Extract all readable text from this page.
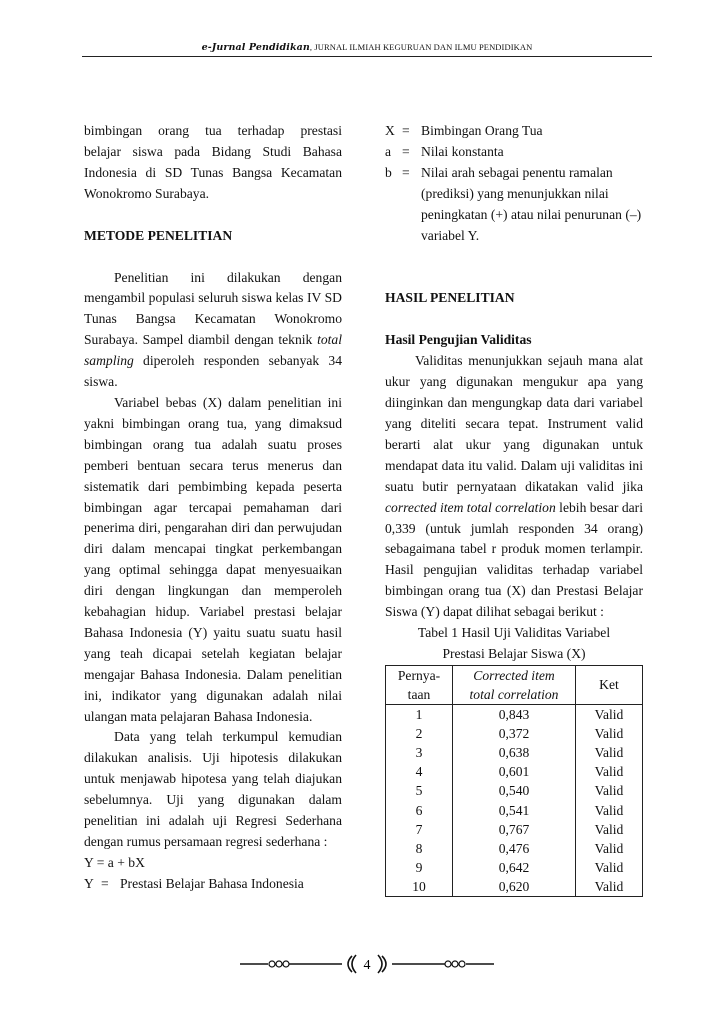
e-Jurnal Pendidikan, JURNAL ILMIAH KEGURUAN DAN ILMU PENDIDIKAN

bimbingan orang tua terhadap prestasi

belajar siswa pada Bidang Studi Bahasa

Indonesia di SD Tunas Bangsa Kecamatan

Wonokromo Surabaya.

METODE PENELITIAN

Penelitian ini dilakukan dengan mengambil populasi seluruh siswa kelas IV SD Tunas Bangsa Kecamatan Wonokromo Surabaya. Sampel diambil dengan teknik total sampling diperoleh responden sebanyak 34 siswa.

Variabel bebas (X) dalam penelitian ini yakni bimbingan orang tua, yang dimaksud bimbingan orang tua adalah suatu proses pemberi bentuan secara terus menerus dan sistematik dari pembimbing kepada peserta bimbingan agar tercapai pemahaman dari penerima diri, pengarahan diri dan perwujudan diri dalam mencapai tingkat perkembangan yang optimal sehingga dapat menyesuaikan diri dengan lingkungan dan memperoleh kebahagian hidup. Variabel prestasi belajar Bahasa Indonesia (Y) yaitu suatu suatu hasil yang teah dicapai setelah kegiatan belajar mengajar Bahasa Indonesia. Dalam penelitian ini, indikator yang digunakan adalah nilai ulangan mata pelajaran Bahasa Indonesia.

Data yang telah terkumpul kemudian dilakukan analisis. Uji hipotesis dilakukan untuk menjawab hipotesa yang telah diajukan sebelumnya. Uji yang digunakan dalam penelitian ini adalah uji Regresi Sederhana dengan rumus persamaan regresi sederhana :

Y = a + bX

Y = Prestasi Belajar Bahasa Indonesia
X = Bimbingan Orang Tua
a = Nilai konstanta
b = Nilai arah sebagai penentu ramalan (prediksi) yang menunjukkan nilai peningkatan (+) atau nilai penurunan (–) variabel Y.
HASIL PENELITIAN
Hasil Pengujian Validitas

Validitas menunjukkan sejauh mana alat ukur yang digunakan mengukur apa yang diinginkan dan mengungkap data dari variabel yang diteliti secara tepat. Instrument valid berarti alat ukur yang digunakan untuk mendapat data itu valid. Dalam uji validitas ini suatu butir pernyataan dikatakan valid jika corrected item total correlation lebih besar dari 0,339 (untuk jumlah responden 34 orang) sebagaimana tabel r produk momen terlampir. Hasil pengujian validitas terhadap variabel bimbingan orang tua (X) dan Prestasi Belajar Siswa (Y) dapat dilihat sebagai berikut :

Tabel 1 Hasil Uji Validitas Variabel
Prestasi Belajar Siswa (X)
Pernya-
taan	Corrected item
total correlation	Ket
1	0,843	Valid
2	0,372	Valid
3	0,638	Valid
4	0,601	Valid
5	0,540	Valid
6	0,541	Valid
7	0,767	Valid
8	0,476	Valid
9	0,642	Valid
10	0,620	Valid
4
